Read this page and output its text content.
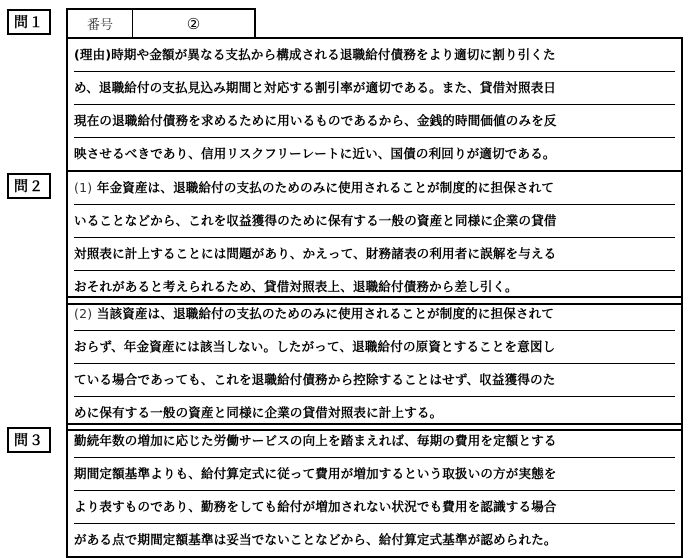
問１	番号	②
(理由)時期や金額が異なる支払から構成される退職給付債務をより適切に割り引くた
め、退職給付の支払見込み期間と対応する割引率が適切である。また、貸借対照表日
現在の退職給付債務を求めるために用いるものであるから、金銭的時間価値のみを反
映させるべきであり、信用リスクフリーレートに近い、国債の利回りが適切である。
問２	(1) 年金資産は、退職給付の支払のためのみに使用されることが制度的に担保されて
いることなどから、これを収益獲得のために保有する一般の資産と同様に企業の貸借
対照表に計上することには問題があり、かえって、財務諸表の利用者に誤解を与える
おそれがあると考えられるため、貸借対照表上、退職給付債務から差し引く。
(2) 当該資産は、退職給付の支払のためのみに使用されることが制度的に担保されて
おらず、年金資産には該当しない。したがって、退職給付の原資とすることを意図し
ている場合であっても、これを退職給付債務から控除することはせず、収益獲得のた
めに保有する一般の資産と同様に企業の貸借対照表に計上する。
問３	勤続年数の増加に応じた労働サービスの向上を踏まえれば、毎期の費用を定額とする
期間定額基準よりも、給付算定式に従って費用が増加するという取扱いの方が実態を
より表すものであり、勤務をしても給付が増加されない状況でも費用を認識する場合
がある点で期間定額基準は妥当でないことなどから、給付算定式基準が認められた。
